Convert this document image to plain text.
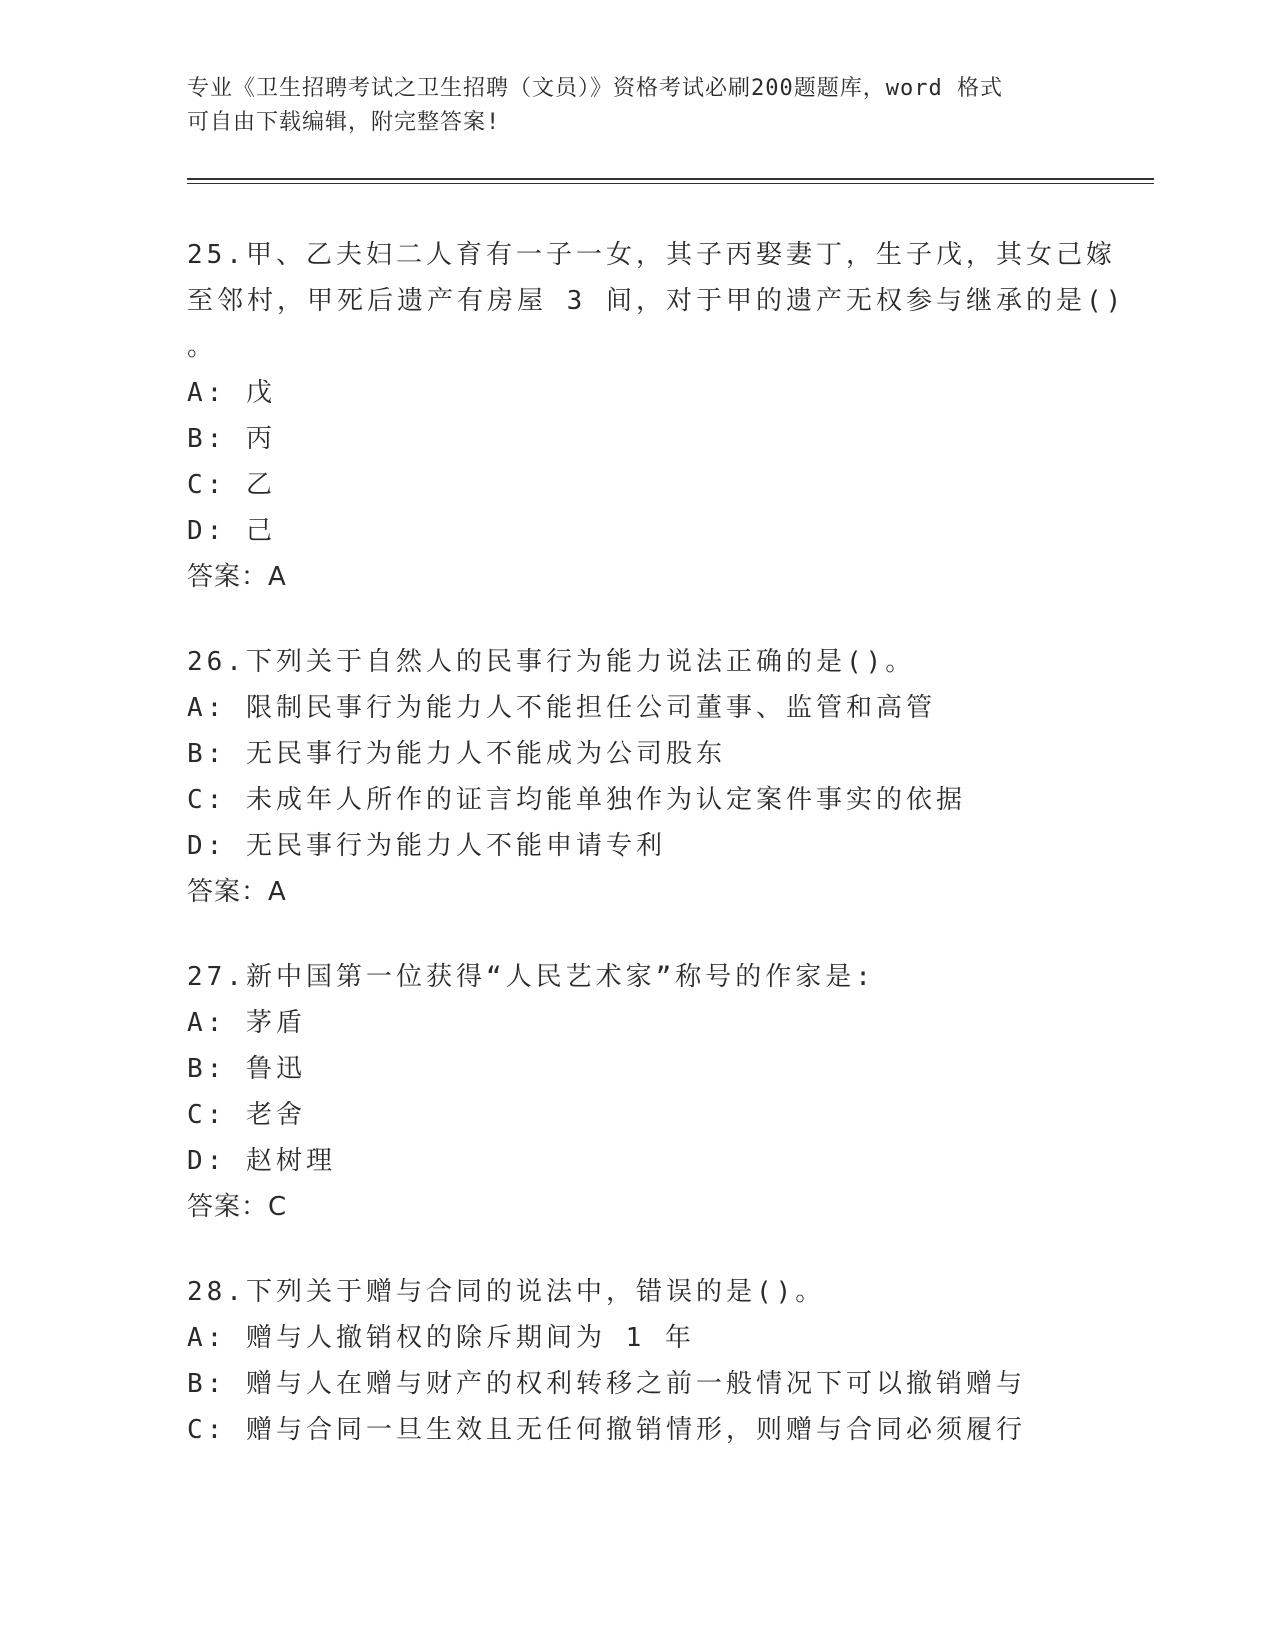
专业《卫生招聘考试之卫生招聘（文员）》资格考试必刷200题题库，word 格式
可自由下载编辑，附完整答案!
25.甲、乙夫妇二人育有一子一女，其子丙娶妻丁，生子戊，其女己嫁
至邻村，甲死后遗产有房屋 3 间，对于甲的遗产无权参与继承的是()
。
A: 戊
B: 丙
C: 乙
D: 己
答案：A
26.下列关于自然人的民事行为能力说法正确的是()。
A: 限制民事行为能力人不能担任公司董事、监管和高管
B: 无民事行为能力人不能成为公司股东
C: 未成年人所作的证言均能单独作为认定案件事实的依据
D: 无民事行为能力人不能申请专利
答案：A
27.新中国第一位获得“人民艺术家”称号的作家是:
A: 茅盾
B: 鲁迅
C: 老舍
D: 赵树理
答案：C
28.下列关于赠与合同的说法中，错误的是()。
A: 赠与人撤销权的除斥期间为 1 年
B: 赠与人在赠与财产的权利转移之前一般情况下可以撤销赠与
C: 赠与合同一旦生效且无任何撤销情形，则赠与合同必须履行
